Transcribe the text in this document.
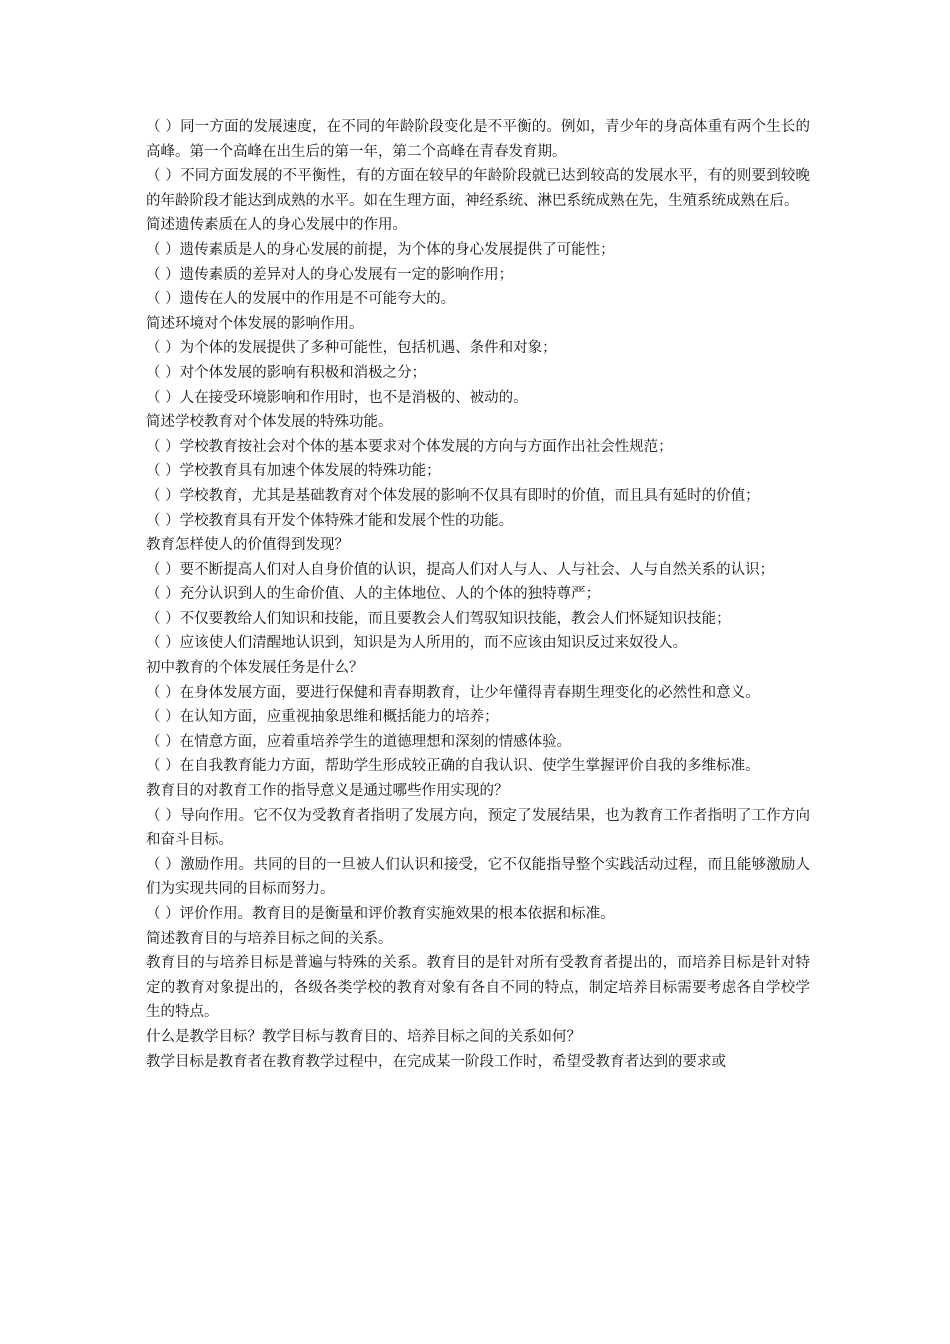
（ ）同一方面的发展速度，在不同的年龄阶段变化是不平衡的。例如，青少年的身高体重有两个生长的高峰。第一个高峰在出生后的第一年，第二个高峰在青春发育期。

（ ）不同方面发展的不平衡性，有的方面在较早的年龄阶段就已达到较高的发展水平，有的则要到较晚的年龄阶段才能达到成熟的水平。如在生理方面，神经系统、淋巴系统成熟在先，生殖系统成熟在后。

简述遗传素质在人的身心发展中的作用。

（ ）遗传素质是人的身心发展的前提，为个体的身心发展提供了可能性；

（ ）遗传素质的差异对人的身心发展有一定的影响作用；

（ ）遗传在人的发展中的作用是不可能夸大的。

简述环境对个体发展的影响作用。

（ ）为个体的发展提供了多种可能性，包括机遇、条件和对象；

（ ）对个体发展的影响有积极和消极之分；

（ ）人在接受环境影响和作用时，也不是消极的、被动的。

简述学校教育对个体发展的特殊功能。

（ ）学校教育按社会对个体的基本要求对个体发展的方向与方面作出社会性规范；

（ ）学校教育具有加速个体发展的特殊功能；

（ ）学校教育，尤其是基础教育对个体发展的影响不仅具有即时的价值，而且具有延时的价值；

（ ）学校教育具有开发个体特殊才能和发展个性的功能。

教育怎样使人的价值得到发现？

（ ）要不断提高人们对人自身价值的认识，提高人们对人与人、人与社会、人与自然关系的认识；

（ ）充分认识到人的生命价值、人的主体地位、人的个体的独特尊严；

（ ）不仅要教给人们知识和技能，而且要教会人们驾驭知识技能，教会人们怀疑知识技能；

（ ）应该使人们清醒地认识到，知识是为人所用的，而不应该由知识反过来奴役人。

初中教育的个体发展任务是什么？

（ ）在身体发展方面，要进行保健和青春期教育，让少年懂得青春期生理变化的必然性和意义。

（ ）在认知方面，应重视抽象思维和概括能力的培养；

（ ）在情意方面，应着重培养学生的道德理想和深刻的情感体验。

（ ）在自我教育能力方面，帮助学生形成较正确的自我认识、使学生掌握评价自我的多维标准。

教育目的对教育工作的指导意义是通过哪些作用实现的？

（ ）导向作用。它不仅为受教育者指明了发展方向，预定了发展结果，也为教育工作者指明了工作方向和奋斗目标。

（ ）激励作用。共同的目的一旦被人们认识和接受，它不仅能指导整个实践活动过程，而且能够激励人们为实现共同的目标而努力。

（ ）评价作用。教育目的是衡量和评价教育实施效果的根本依据和标准。

简述教育目的与培养目标之间的关系。

教育目的与培养目标是普遍与特殊的关系。教育目的是针对所有受教育者提出的，而培养目标是针对特定的教育对象提出的，各级各类学校的教育对象有各自不同的特点，制定培养目标需要考虑各自学校学生的特点。

什么是教学目标？教学目标与教育目的、培养目标之间的关系如何？

教学目标是教育者在教育教学过程中，在完成某一阶段工作时，希望受教育者达到的要求或
